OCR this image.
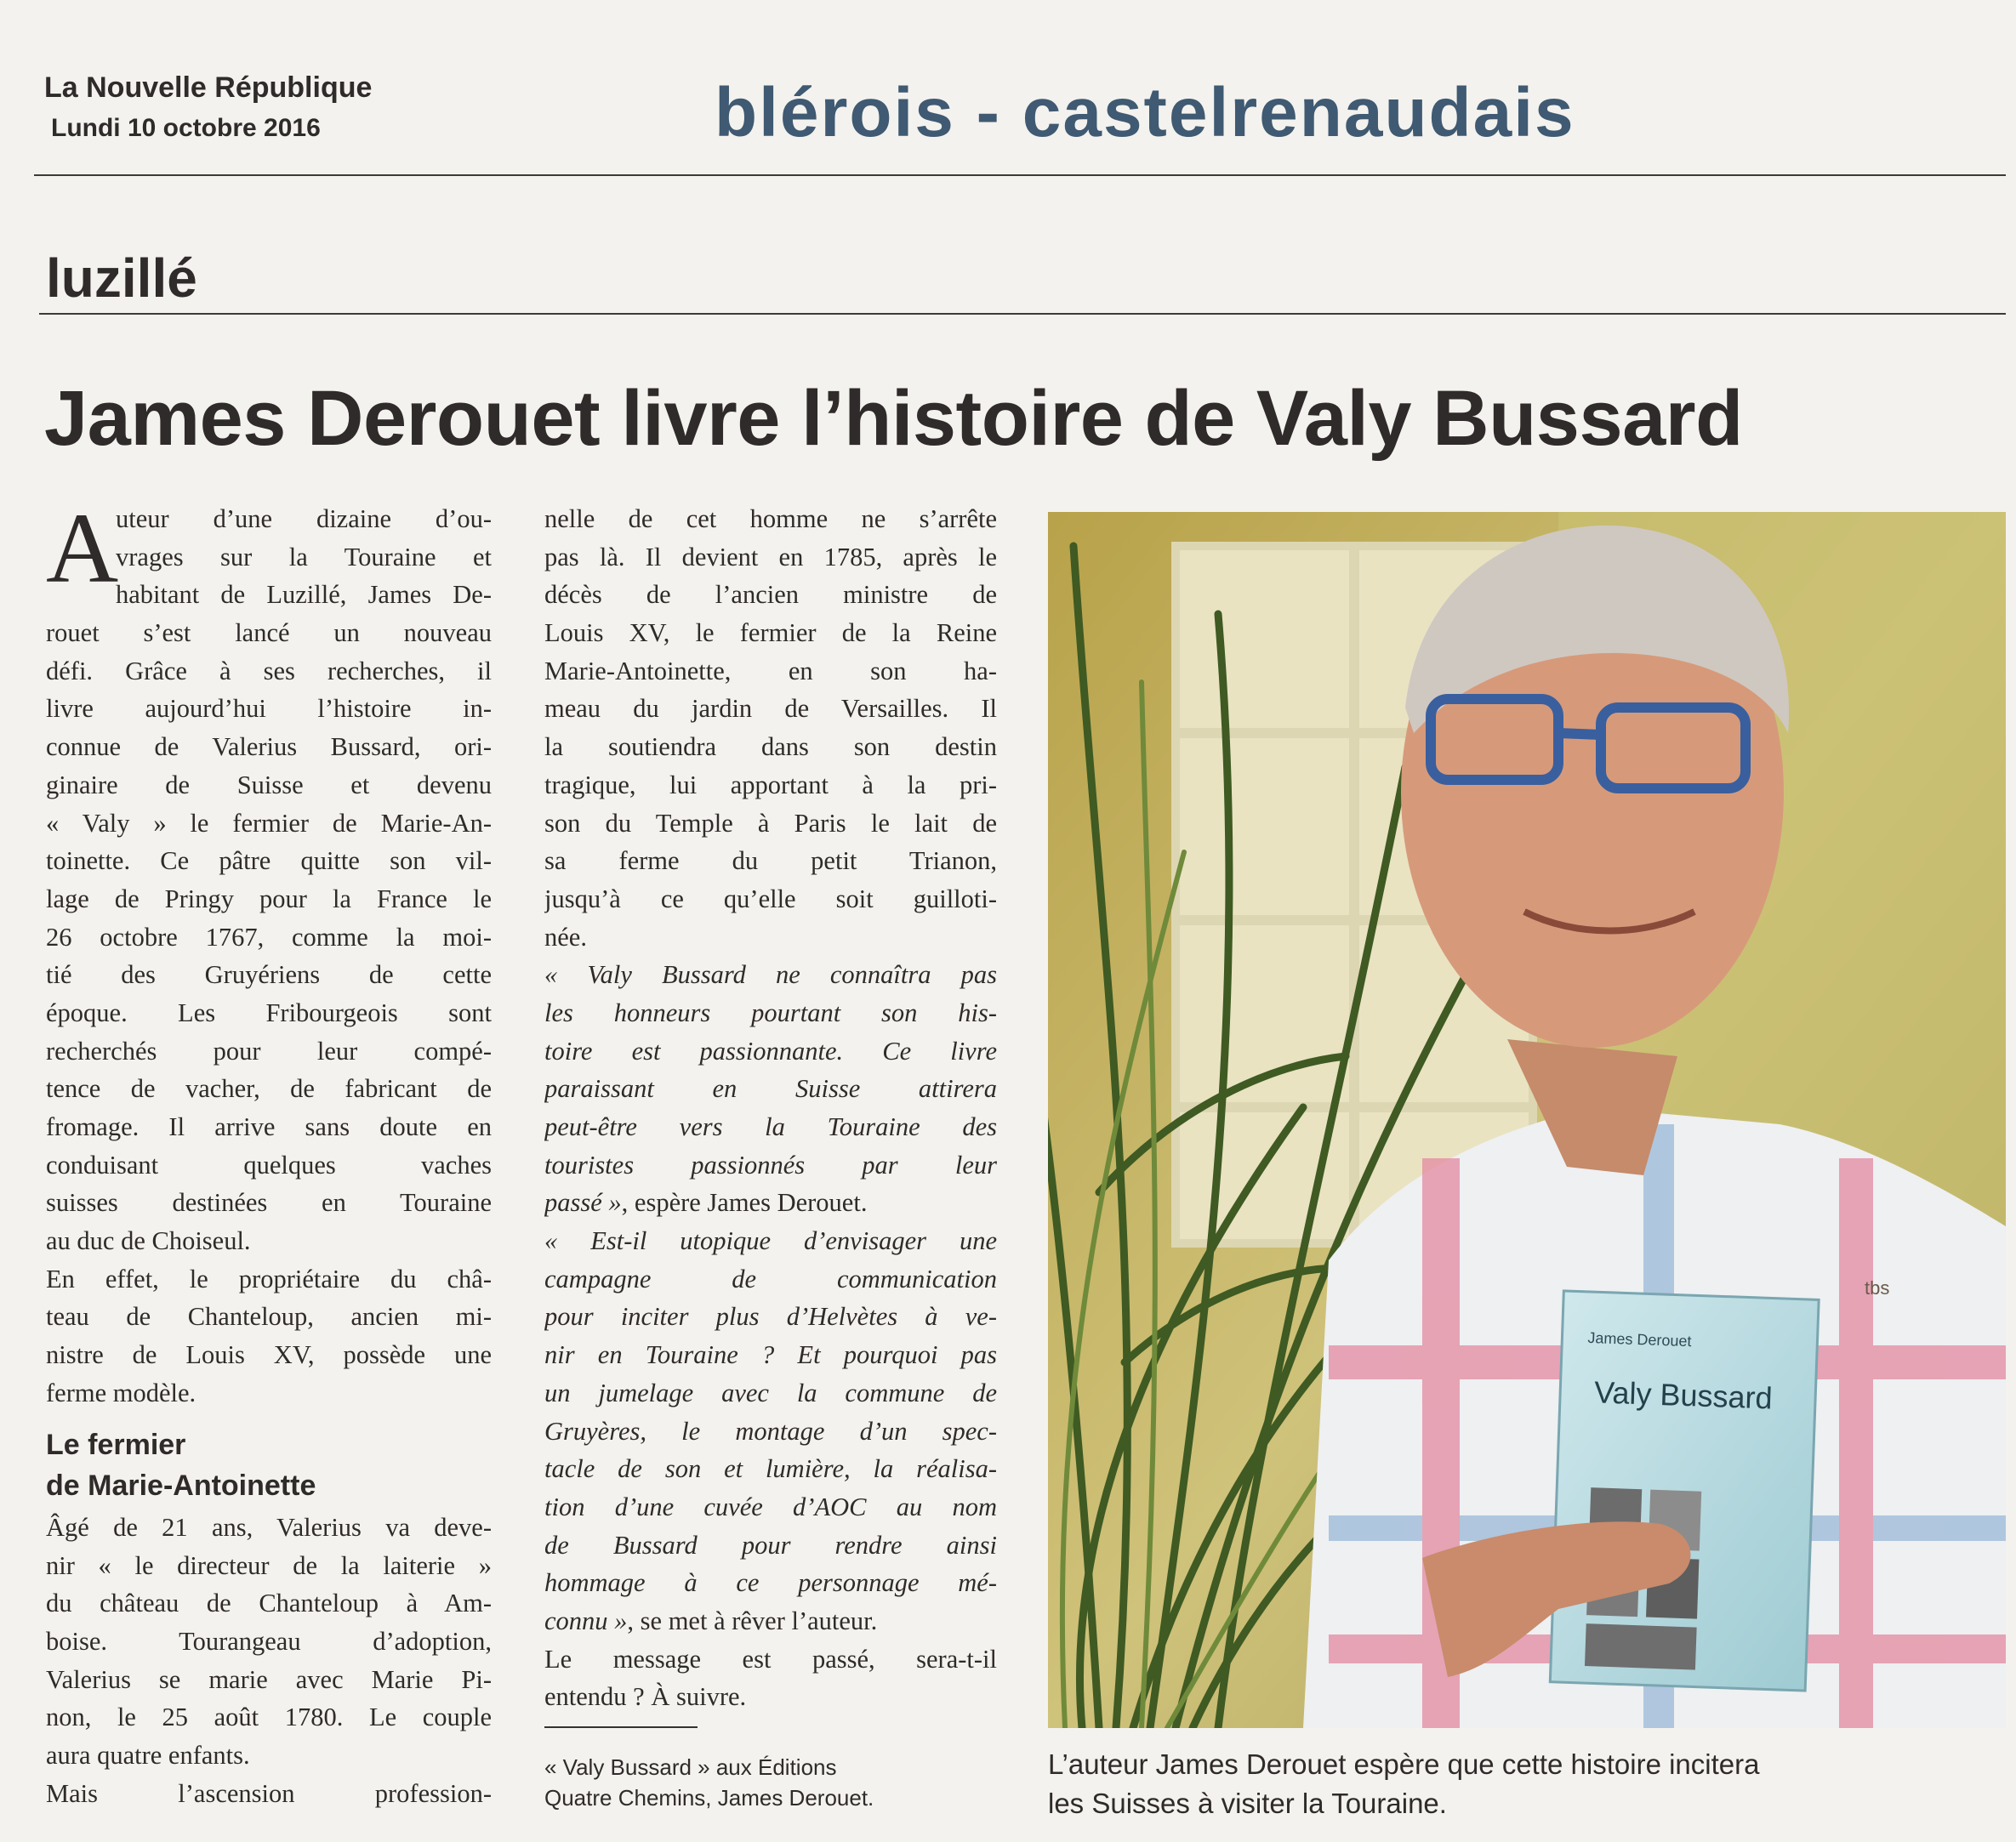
La Nouvelle République
Lundi 10 octobre 2016	blérois - castelrenaudais
luzillé
James Derouet livre l’histoire de Valy Bussard
A
uteur d’une dizaine d’ou-
vrages sur la Touraine et
habitant de Luzillé, James De-
rouet s’est lancé un nouveau
défi. Grâce à ses recherches, il
livre aujourd’hui l’histoire in-
connue de Valerius Bussard, ori-
ginaire de Suisse et devenu
« Valy » le fermier de Marie-An-
toinette. Ce pâtre quitte son vil-
lage de Pringy pour la France le
26 octobre 1767, comme la moi-
tié des Gruyériens de cette
époque. Les Fribourgeois sont
recherchés pour leur compé-
tence de vacher, de fabricant de
fromage. Il arrive sans doute en
conduisant quelques vaches
suisses destinées en Touraine
au duc de Choiseul.
En effet, le propriétaire du châ-
teau de Chanteloup, ancien mi-
nistre de Louis XV, possède une
ferme modèle.
Le fermier
de Marie-Antoinette
Âgé de 21 ans, Valerius va deve-
nir « le directeur de la laiterie »
du château de Chanteloup à Am-
boise. Tourangeau d’adoption,
Valerius se marie avec Marie Pi-
non, le 25 août 1780. Le couple
aura quatre enfants.
Mais l’ascension profession-
nelle de cet homme ne s’arrête
pas là. Il devient en 1785, après le
décès de l’ancien ministre de
Louis XV, le fermier de la Reine
Marie-Antoinette, en son ha-
meau du jardin de Versailles. Il
la soutiendra dans son destin
tragique, lui apportant à la pri-
son du Temple à Paris le lait de
sa ferme du petit Trianon,
jusqu’à ce qu’elle soit guilloti-
née.
« Valy Bussard ne connaîtra pas
les honneurs pourtant son his-
toire est passionnante. Ce livre
paraissant en Suisse attirera
peut-être vers la Touraine des
touristes passionnés par leur
passé », espère James Derouet.
« Est-il utopique d’envisager une
campagne de communication
pour inciter plus d’Helvètes à ve-
nir en Touraine ? Et pourquoi pas
un jumelage avec la commune de
Gruyères, le montage d’un spec-
tacle de son et lumière, la réalisa-
tion d’une cuvée d’AOC au nom
de Bussard pour rendre ainsi
hommage à ce personnage mé-
connu », se met à rêver l’auteur.
Le message est passé, sera-t-il
entendu ? À suivre.
« Valy Bussard » aux Éditions
Quatre Chemins, James Derouet.
James Derouet
Valy Bussard
tbs
L’auteur James Derouet espère que cette histoire incitera
les Suisses à visiter la Touraine.
